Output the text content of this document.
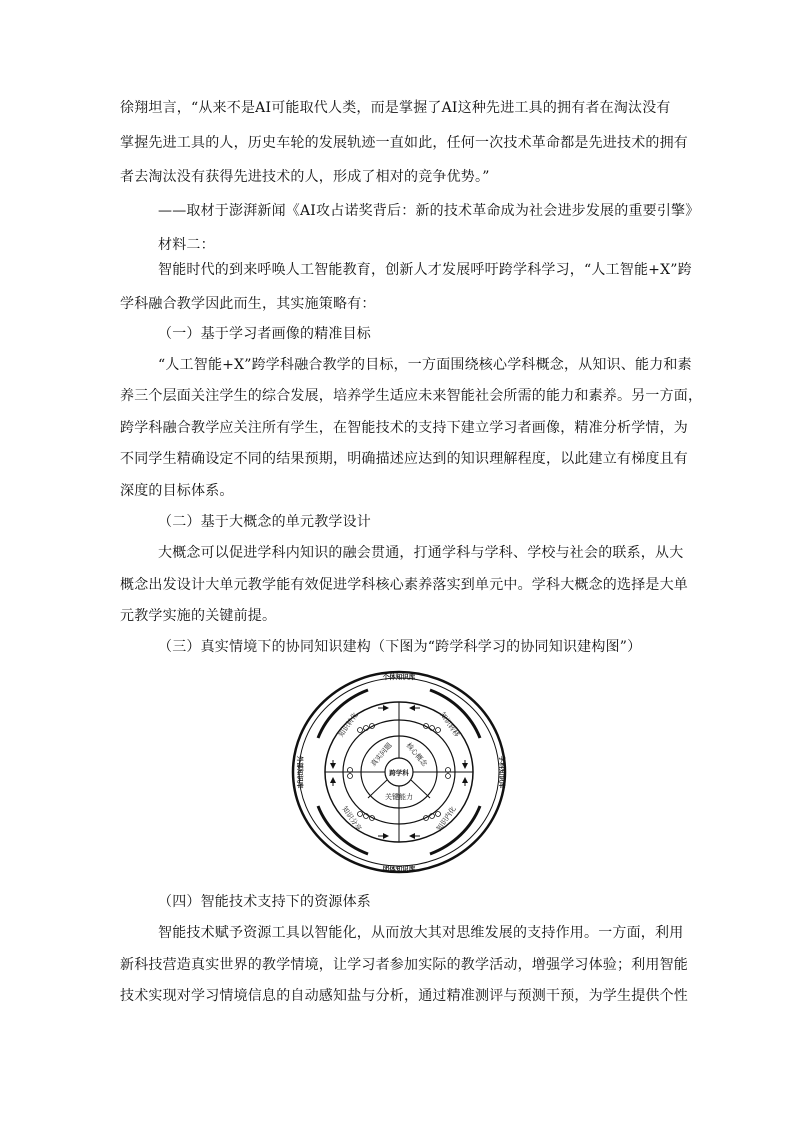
徐翔坦言，“从来不是AI可能取代人类，而是掌握了AI这种先进工具的拥有者在淘汰没有
掌握先进工具的人，历史车轮的发展轨迹一直如此，任何一次技术革命都是先进技术的拥有
者去淘汰没有获得先进技术的人，形成了相对的竞争优势。”
——取材于澎湃新闻《AI攻占诺奖背后：新的技术革命成为社会进步发展的重要引擎》
材料二：
智能时代的到来呼唤人工智能教育，创新人才发展呼吁跨学科学习，“人工智能+X”跨
学科融合教学因此而生，其实施策略有：
（一）基于学习者画像的精准目标
“人工智能+X”跨学科融合教学的目标，一方面围绕核心学科概念，从知识、能力和素
养三个层面关注学生的综合发展，培养学生适应未来智能社会所需的能力和素养。另一方面，
跨学科融合教学应关注所有学生，在智能技术的支持下建立学习者画像，精准分析学情，为
不同学生精确设定不同的结果预期，明确描述应达到的知识理解程度，以此建立有梯度且有
深度的目标体系。
（二）基于大概念的单元教学设计
大概念可以促进学科内知识的融会贯通，打通学科与学科、学校与社会的联系，从大
概念出发设计大单元教学能有效促进学科核心素养落实到单元中。学科大概念的选择是大单
元教学实施的关键前提。
（三）真实情境下的协同知识建构（下图为“跨学科学习的协同知识建构图”）
个体知识库
团体知识库
外部知识库	学科知识库
知识转化	知识转移
知识分享	知识内化
真实问题 核心概念
关键能力
跨学科
（四）智能技术支持下的资源体系
智能技术赋予资源工具以智能化，从而放大其对思维发展的支持作用。一方面，利用
新科技营造真实世界的教学情境，让学习者参加实际的教学活动，增强学习体验；利用智能
技术实现对学习情境信息的自动感知盐与分析，通过精准测评与预测干预，为学生提供个性
